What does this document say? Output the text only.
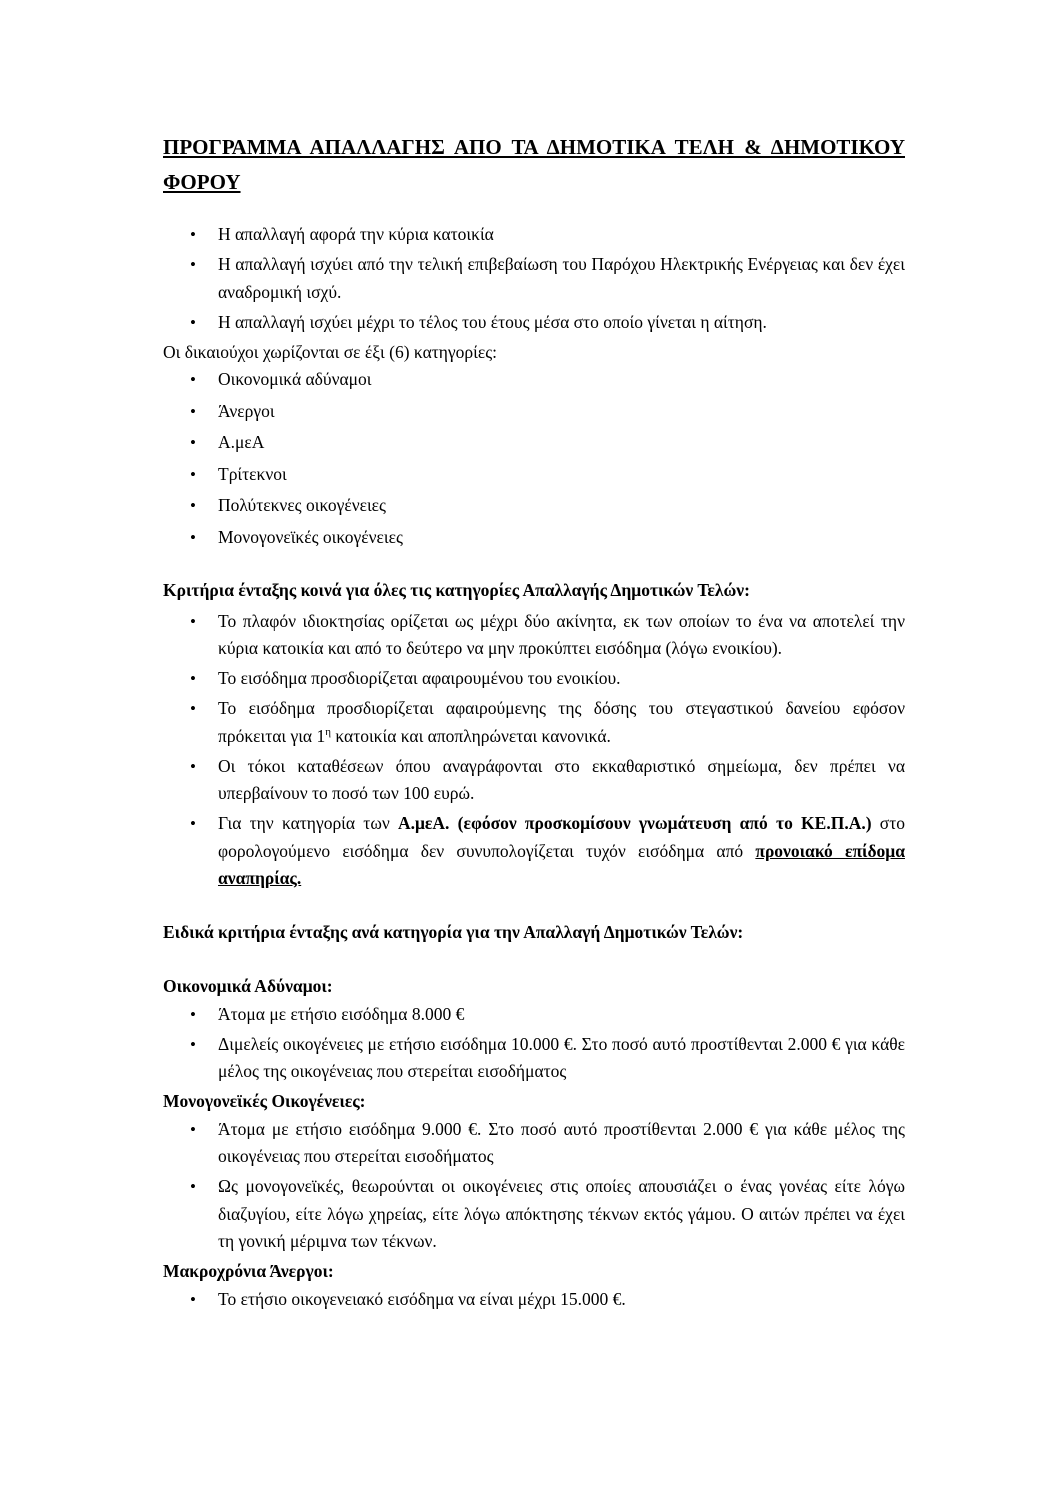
ΠΡΟΓΡΑΜΜΑ ΑΠΑΛΛΑΓΗΣ ΑΠΟ ΤΑ ΔΗΜΟΤΙΚΑ ΤΕΛΗ & ΔΗΜΟΤΙΚΟΥ
ΦΟΡΟΥ
• Η απαλλαγή αφορά την κύρια κατοικία
• Η απαλλαγή ισχύει από την τελική επιβεβαίωση του Παρόχου Ηλεκτρικής Ενέργειας και δεν έχει αναδρομική ισχύ.
• Η απαλλαγή ισχύει μέχρι το τέλος του έτους μέσα στο οποίο γίνεται η αίτηση.

Οι δικαιούχοι χωρίζονται σε έξι (6) κατηγορίες:

• Οικονομικά αδύναμοι
• Άνεργοι
• Α.μεΑ
• Τρίτεκνοι
• Πολύτεκνες οικογένειες
• Μονογονεϊκές οικογένειες

Κριτήρια ένταξης κοινά για όλες τις κατηγορίες Απαλλαγής Δημοτικών Τελών:

• Το πλαφόν ιδιοκτησίας ορίζεται ως μέχρι δύο ακίνητα, εκ των οποίων το ένα να αποτελεί την κύρια κατοικία και από το δεύτερο να μην προκύπτει εισόδημα (λόγω ενοικίου).
• Το εισόδημα προσδιορίζεται αφαιρουμένου του ενοικίου.
• Το εισόδημα προσδιορίζεται αφαιρούμενης της δόσης του στεγαστικού δανείου εφόσον πρόκειται για $1^\eta$ κατοικία και αποπληρώνεται κανονικά.
• Οι τόκοι καταθέσεων όπου αναγράφονται στο εκκαθαριστικό σημείωμα, δεν πρέπει να υπερβαίνουν το ποσό των 100 ευρώ.
• Για την κατηγορία των Α.μεΑ. (εφόσον προσκομίσουν γνωμάτευση από το ΚΕ.Π.Α.) στο φορολογούμενο εισόδημα δεν συνυπολογίζεται τυχόν εισόδημα από προνοιακό επίδομα αναπηρίας.

Ειδικά κριτήρια ένταξης ανά κατηγορία για την Απαλλαγή Δημοτικών Τελών:

Οικονομικά Αδύναμοι:

• Άτομα με ετήσιο εισόδημα 8.000 €
• Διμελείς οικογένειες με ετήσιο εισόδημα 10.000 €. Στο ποσό αυτό προστίθενται 2.000 € για κάθε μέλος της οικογένειας που στερείται εισοδήματος

Μονογονεϊκές Οικογένειες:

• Άτομα με ετήσιο εισόδημα 9.000 €. Στο ποσό αυτό προστίθενται 2.000 € για κάθε μέλος της οικογένειας που στερείται εισοδήματος
• Ως μονογονεϊκές, θεωρούνται οι οικογένειες στις οποίες απουσιάζει ο ένας γονέας είτε λόγω διαζυγίου, είτε λόγω χηρείας, είτε λόγω απόκτησης τέκνων εκτός γάμου. Ο αιτών πρέπει να έχει τη γονική μέριμνα των τέκνων.

Μακροχρόνια Άνεργοι:

• Το ετήσιο οικογενειακό εισόδημα να είναι μέχρι 15.000 €.
